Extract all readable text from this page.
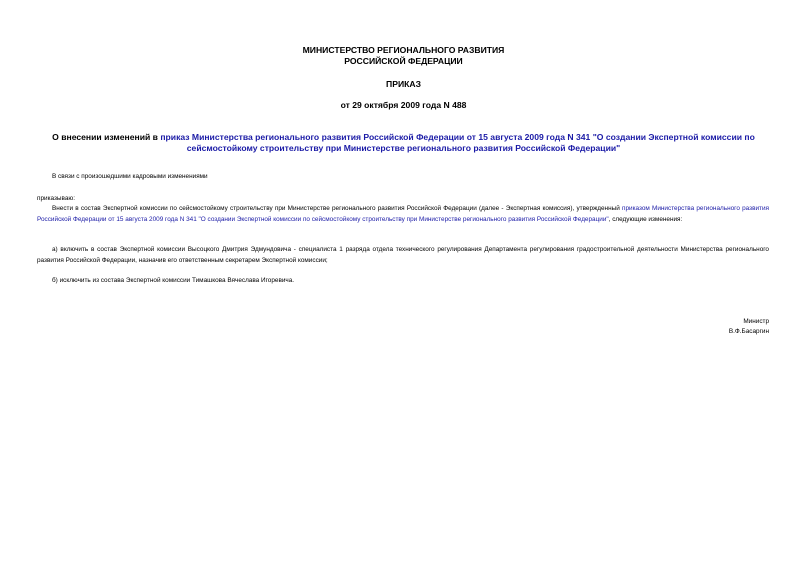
МИНИСТЕРСТВО РЕГИОНАЛЬНОГО РАЗВИТИЯ
РОССИЙСКОЙ ФЕДЕРАЦИИ
ПРИКАЗ
от 29 октября 2009 года N 488
О внесении изменений в приказ Министерства регионального развития Российской Федерации от 15 августа 2009 года N 341 "О создании Экспертной комиссии по сейсмостойкому строительству при Министерстве регионального развития Российской Федерации"
В связи с произошедшими кадровыми изменениями
приказываю:
Внести в состав Экспертной комиссии по сейсмостойкому строительству при Министерстве регионального развития Российской Федерации (далее - Экспертная комиссия), утвержденный приказом Министерства регионального развития Российской Федерации от 15 августа 2009 года N 341 "О создании Экспертной комиссии по сейсмостойкому строительству при Министерстве регионального развития Российской Федерации", следующие изменения:
а) включить в состав Экспертной комиссии Высоцкого Дмитрия Эдмундовича - специалиста 1 разряда отдела технического регулирования Департамента регулирования градостроительной деятельности Министерства регионального развития Российской Федерации, назначив его ответственным секретарем Экспертной комиссии;
б) исключить из состава Экспертной комиссии Тимашкова Вячеслава Игоревича.
Министр
В.Ф.Басаргин
